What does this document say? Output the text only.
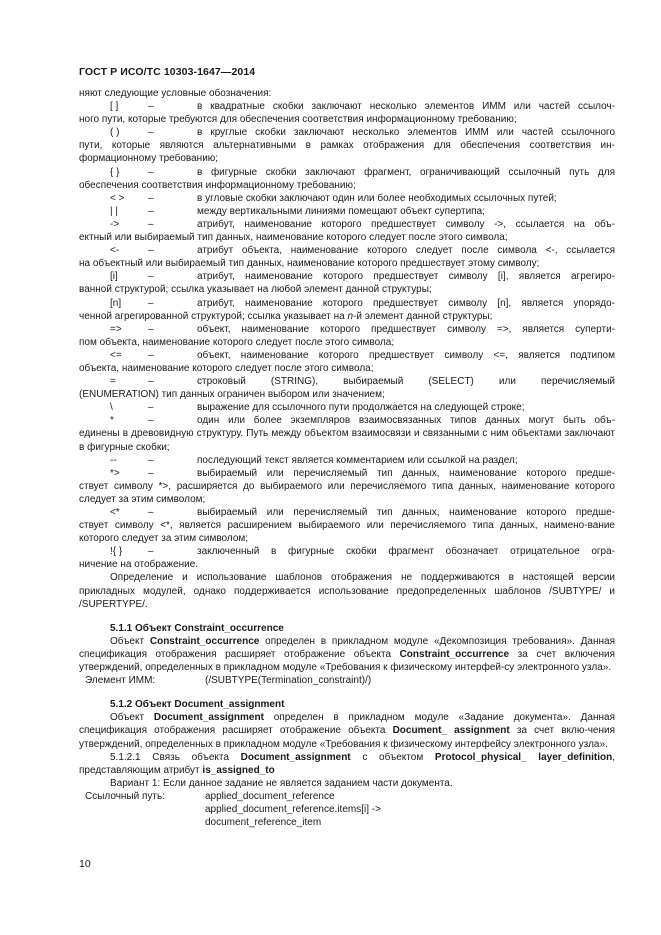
ГОСТ Р ИСО/ТС 10303-1647—2014
няют следующие условные обозначения:
[ ]	–	в квадратные скобки заключают несколько элементов ИММ или частей ссылоч-
ного пути, которые требуются для обеспечения соответствия информационному требованию;
( )	–	в круглые скобки заключают несколько элементов ИММ или частей ссылочного
пути, которые являются альтернативными в рамках отображения для обеспечения соответствия ин-формационному требованию;
{ }	–	в фигурные скобки заключают фрагмент, ограничивающий ссылочный путь для
обеспечения соответствия информационному требованию;
< > –	в угловые скобки заключают один или более необходимых ссылочных путей;
| |	–	между вертикальными линиями помещают объект супертипа;
->	–	атрибут, наименование которого предшествует символу ->, ссылается на объ-
ектный или выбираемый тип данных, наименование которого следует после этого символа;
<-	–	атрибут объекта, наименование которого следует после символа <-, ссылается
на объектный или выбираемый тип данных, наименование которого предшествует этому символу;
[i]	–	атрибут, наименование которого предшествует символу [i], является агрегиро-
ванной структурой; ссылка указывает на любой элемент данной структуры;
[n]	–	атрибут, наименование которого предшествует символу [n], является упорядо-
ченной агрегированной структурой; ссылка указывает на n-й элемент данной структуры;
=>	–	объект, наименование которого предшествует символу =>, является суперти-
пом объекта, наименование которого следует после этого символа;
<=	–	объект, наименование которого предшествует символу <=, является подтипом
объекта, наименование которого следует после этого символа;
=	–	строковый (STRING), выбираемый (SELECT) или перечисляемый
(ENUMERATION) тип данных ограничен выбором или значением;
\	–	выражение для ссылочного пути продолжается на следующей строке;
*	–	один или более экземпляров взаимосвязанных типов данных могут быть объ-
единены в древовидную структуру. Путь между объектом взаимосвязи и связанными с ним объектами заключают в фигурные скобки;
--	–	последующий текст является комментарием или ссылкой на раздел;
*>	–	выбираемый или перечисляемый тип данных, наименование которого предше-
ствует символу *>, расширяется до выбираемого или перечисляемого типа данных, наименование которого следует за этим символом;
<*	–	выбираемый или перечисляемый тип данных, наименование которого предше-
ствует символу <*, является расширением выбираемого или перечисляемого типа данных, наимено-вание которого следует за этим символом;
!{ }	–	заключенный в фигурные скобки фрагмент обозначает отрицательное огра-
ничение на отображение.
Определение и использование шаблонов отображения не поддерживаются в настоящей версии прикладных модулей, однако поддерживается использование предопределенных шаблонов /SUBTYPE/ и /SUPERTYPE/.
5.1.1 Объект Constraint_occurrence
Объект Constraint_occurrence определен в прикладном модуле «Декомпозиция требования». Данная спецификация отображения расширяет отображение объекта Constraint_occurrence за счет включения утверждений, определенных в прикладном модуле «Требования к физическому интерфей-су электронного узла».
Элемент ИММ:	(/SUBTYPE(Termination_constraint)/)
5.1.2 Объект Document_assignment
Объект Document_assignment определен в прикладном модуле «Задание документа». Данная спецификация отображения расширяет отображение объекта Document_ assignment за счет вклю-чения утверждений, определенных в прикладном модуле «Требования к физическому интерфейсу электронного узла».
5.1.2.1 Связь объекта Document_assignment с объектом Protocol_physical_ layer_definition, представляющим атрибут is_assigned_to
Вариант 1: Если данное задание не является заданием части документа.
Ссылочный путь:	applied_document_reference
applied_document_reference.items[i] ->
document_reference_item
10
